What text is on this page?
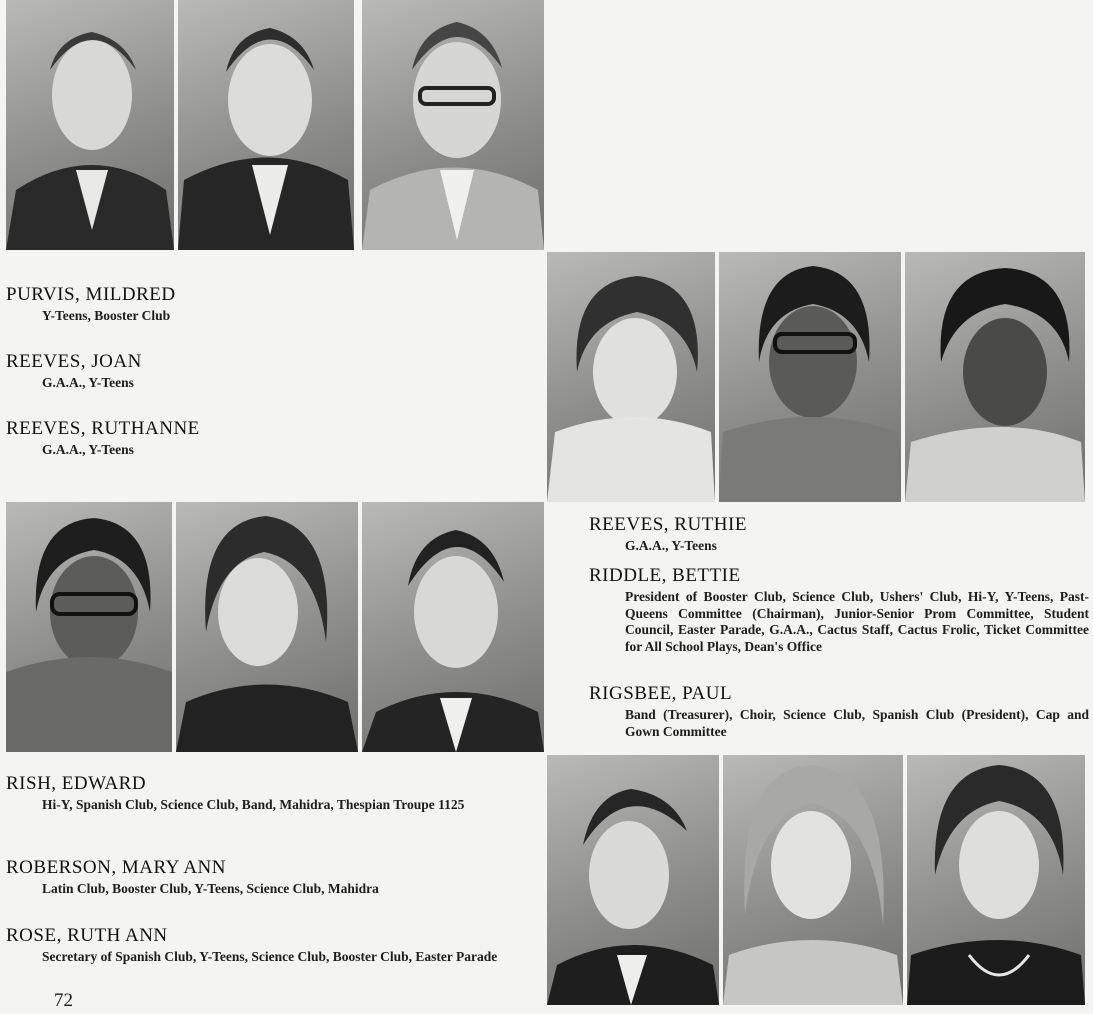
PURVIS, MILDRED

Y-Teens, Booster Club

REEVES, JOAN

G.A.A., Y-Teens

REEVES, RUTHANNE

G.A.A., Y-Teens

REEVES, RUTHIE

G.A.A., Y-Teens

RIDDLE, BETTIE

President of Booster Club, Science Club, Ushers' Club, Hi-Y, Y-Teens, Past-Queens Committee (Chairman), Junior-Senior Prom Committee, Student Council, Easter Parade, G.A.A., Cactus Staff, Cactus Frolic, Ticket Committee for All School Plays, Dean's Office

RIGSBEE, PAUL

Band (Treasurer), Choir, Science Club, Spanish Club (President), Cap and Gown Committee

RISH, EDWARD

Hi-Y, Spanish Club, Science Club, Band, Mahidra, Thespian Troupe 1125

ROBERSON, MARY ANN

Latin Club, Booster Club, Y-Teens, Science Club, Mahidra

ROSE, RUTH ANN

Secretary of Spanish Club, Y-Teens, Science Club, Booster Club, Easter Parade

72
